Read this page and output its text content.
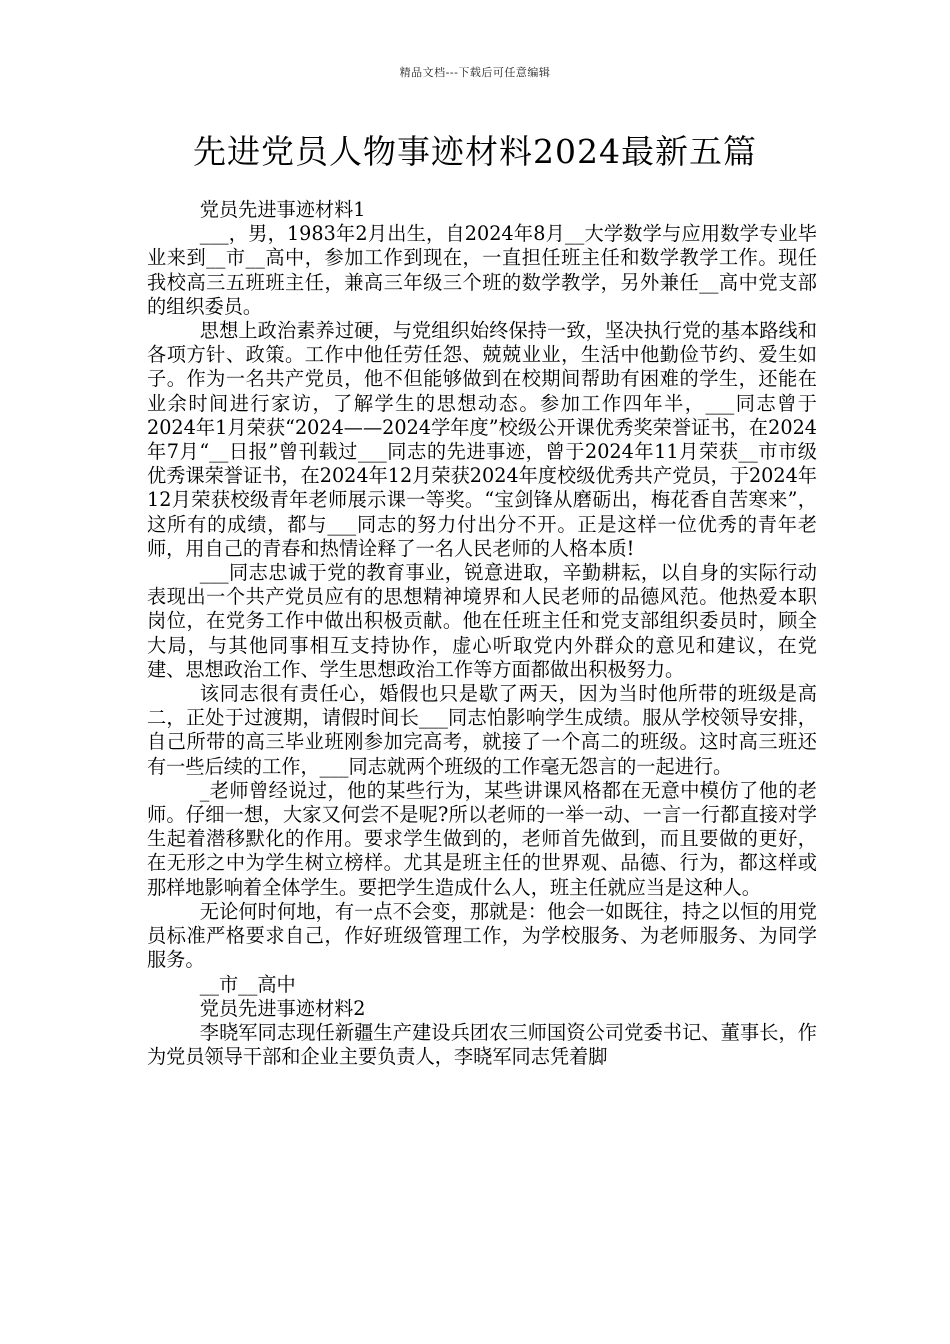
精品文档---下载后可任意编辑
先进党员人物事迹材料2024最新五篇

党员先进事迹材料1

___，男，1983年2月出生，自2024年8月__大学数学与应用数学专业毕业来到__市__高中，参加工作到现在，一直担任班主任和数学教学工作。现任我校高三五班班主任，兼高三年级三个班的数学教学，另外兼任__高中党支部的组织委员。

思想上政治素养过硬，与党组织始终保持一致，坚决执行党的基本路线和各项方针、政策。工作中他任劳任怨、兢兢业业，生活中他勤俭节约、爱生如子。作为一名共产党员，他不但能够做到在校期间帮助有困难的学生，还能在业余时间进行家访，了解学生的思想动态。参加工作四年半，___同志曾于2024年1月荣获“2024——2024学年度”校级公开课优秀奖荣誉证书，在2024年7月“__日报”曾刊载过___同志的先进事迹，曾于2024年11月荣获__市市级优秀课荣誉证书，在2024年12月荣获2024年度校级优秀共产党员，于2024年12月荣获校级青年老师展示课一等奖。“宝剑锋从磨砺出，梅花香自苦寒来”，这所有的成绩，都与___同志的努力付出分不开。正是这样一位优秀的青年老师，用自己的青春和热情诠释了一名人民老师的人格本质!

___同志忠诚于党的教育事业，锐意进取，辛勤耕耘，以自身的实际行动表现出一个共产党员应有的思想精神境界和人民老师的品德风范。他热爱本职岗位，在党务工作中做出积极贡献。他在任班主任和党支部组织委员时，顾全大局，与其他同事相互支持协作，虚心听取党内外群众的意见和建议，在党建、思想政治工作、学生思想政治工作等方面都做出积极努力。

该同志很有责任心，婚假也只是歇了两天，因为当时他所带的班级是高二，正处于过渡期，请假时间长___同志怕影响学生成绩。服从学校领导安排，自己所带的高三毕业班刚参加完高考，就接了一个高二的班级。这时高三班还有一些后续的工作，___同志就两个班级的工作毫无怨言的一起进行。

_老师曾经说过，他的某些行为，某些讲课风格都在无意中模仿了他的老师。仔细一想，大家又何尝不是呢?所以老师的一举一动、一言一行都直接对学生起着潜移默化的作用。要求学生做到的，老师首先做到，而且要做的更好，在无形之中为学生树立榜样。尤其是班主任的世界观、品德、行为，都这样或那样地影响着全体学生。要把学生造成什么人，班主任就应当是这种人。

无论何时何地，有一点不会变，那就是：他会一如既往，持之以恒的用党员标准严格要求自己，作好班级管理工作，为学校服务、为老师服务、为同学服务。

__市__高中

党员先进事迹材料2

李晓军同志现任新疆生产建设兵团农三师国资公司党委书记、董事长，作为党员领导干部和企业主要负责人，李晓军同志凭着脚
